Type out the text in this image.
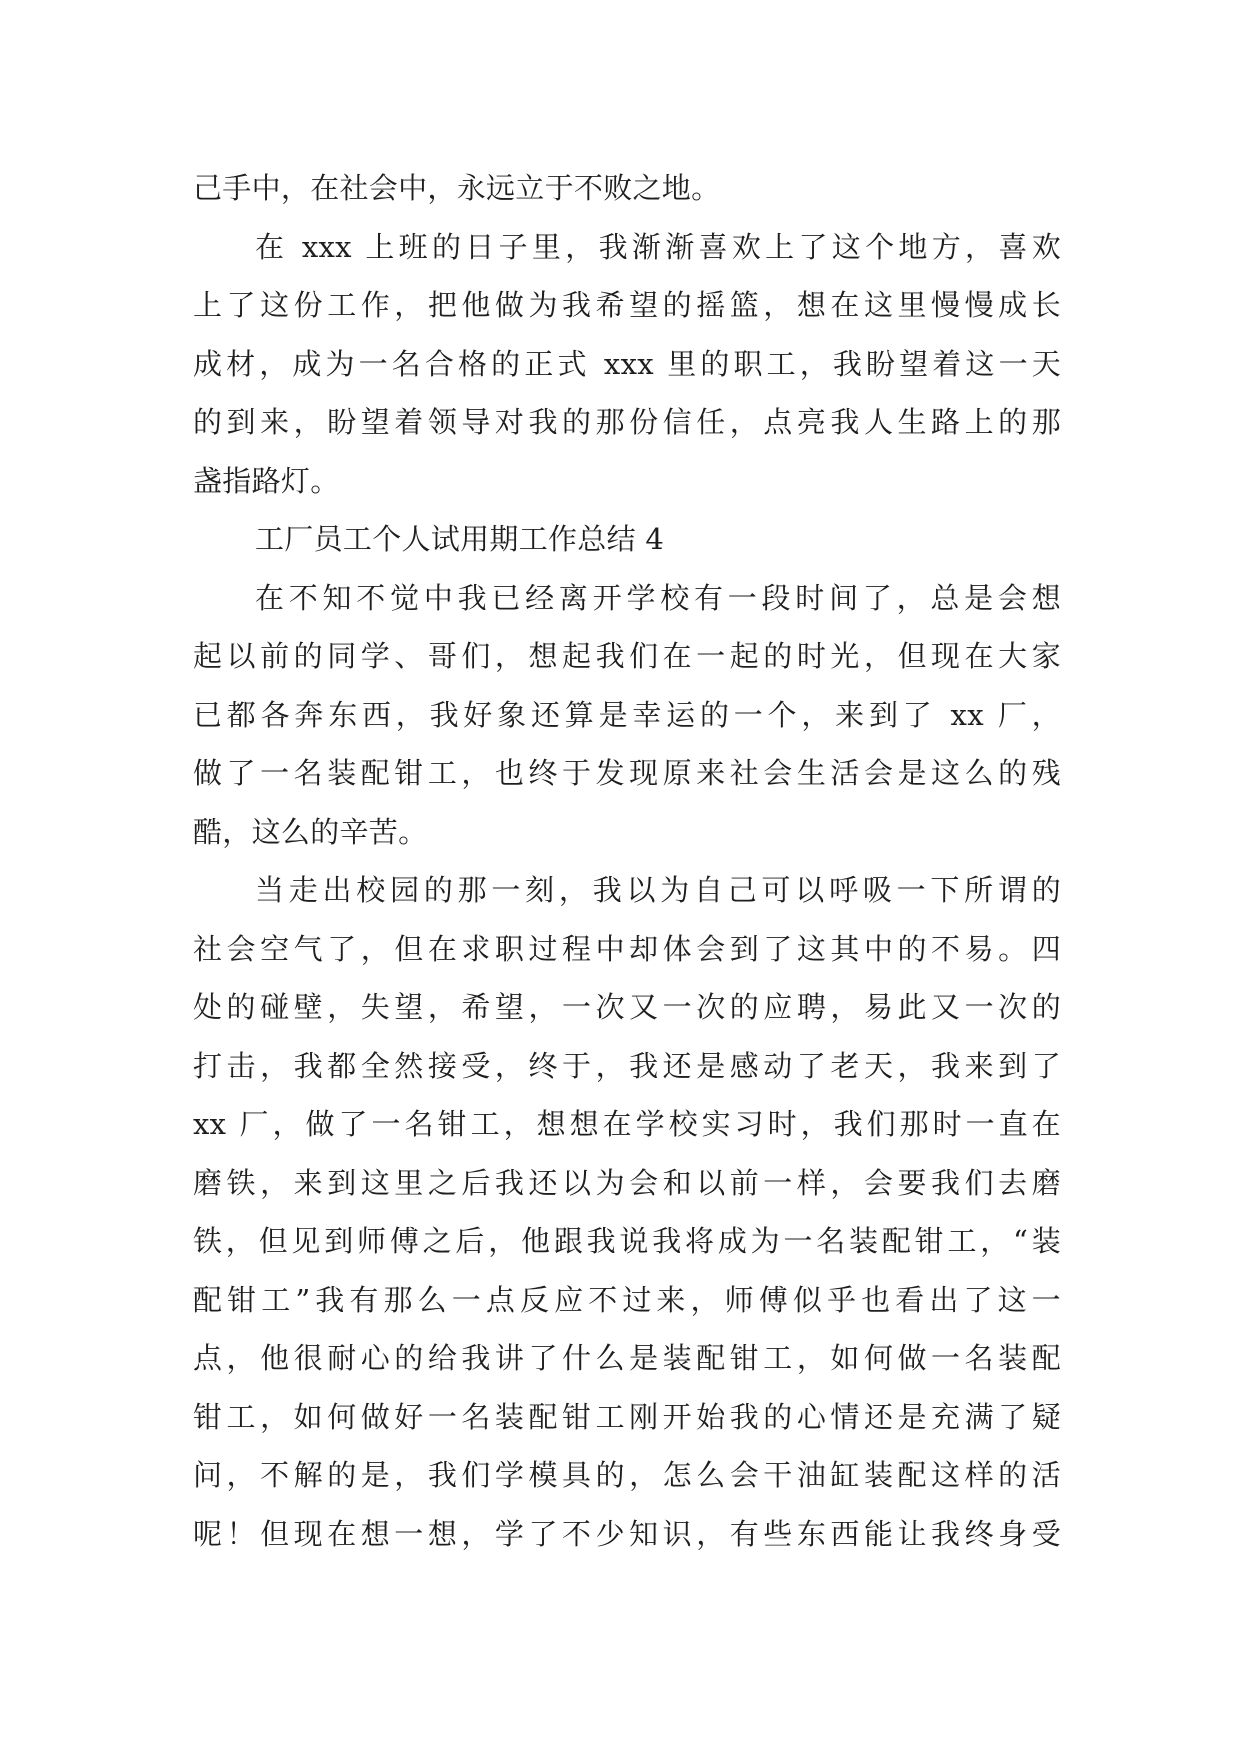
己手中，在社会中，永远立于不败之地。
在 xxx 上班的日子里，我渐渐喜欢上了这个地方，喜欢
上了这份工作，把他做为我希望的摇篮，想在这里慢慢成长
成材，成为一名合格的正式 xxx 里的职工，我盼望着这一天
的到来，盼望着领导对我的那份信任，点亮我人生路上的那
盏指路灯。
工厂员工个人试用期工作总结 4
在不知不觉中我已经离开学校有一段时间了，总是会想
起以前的同学、哥们，想起我们在一起的时光，但现在大家
已都各奔东西，我好象还算是幸运的一个，来到了 xx 厂，
做了一名装配钳工，也终于发现原来社会生活会是这么的残
酷，这么的辛苦。
当走出校园的那一刻，我以为自己可以呼吸一下所谓的
社会空气了，但在求职过程中却体会到了这其中的不易。四
处的碰壁，失望，希望，一次又一次的应聘，易此又一次的
打击，我都全然接受，终于，我还是感动了老天，我来到了
xx 厂，做了一名钳工，想想在学校实习时，我们那时一直在
磨铁，来到这里之后我还以为会和以前一样，会要我们去磨
铁，但见到师傅之后，他跟我说我将成为一名装配钳工，“装
配钳工”我有那么一点反应不过来，师傅似乎也看出了这一
点，他很耐心的给我讲了什么是装配钳工，如何做一名装配
钳工，如何做好一名装配钳工刚开始我的心情还是充满了疑
问，不解的是，我们学模具的，怎么会干油缸装配这样的活
呢！但现在想一想，学了不少知识，有些东西能让我终身受
